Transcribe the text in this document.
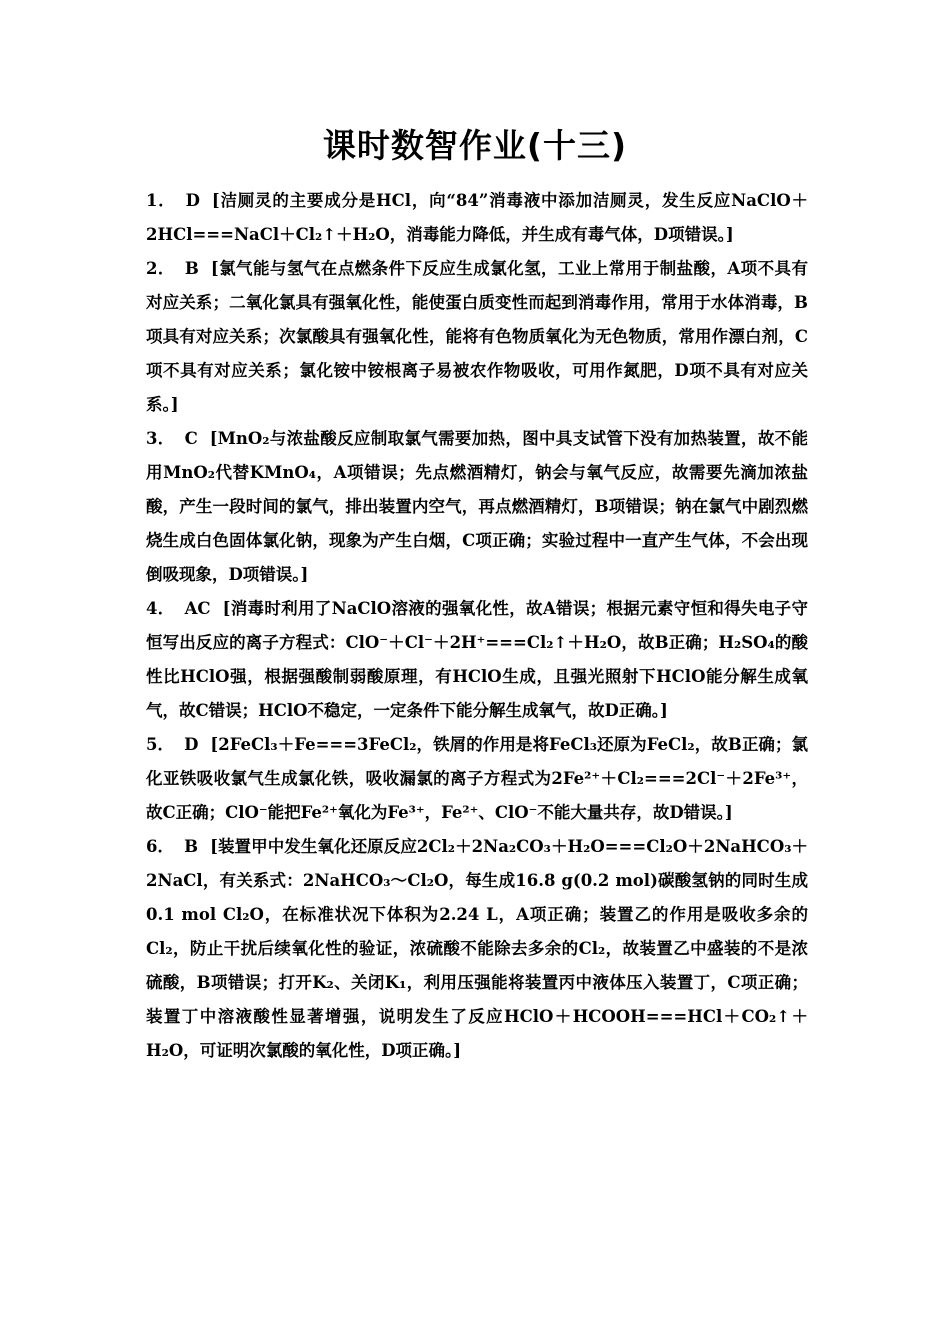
课时数智作业(十三)

1． D [洁厕灵的主要成分是HCl，向“84”消毒液中添加洁厕灵，发生反应NaClO＋2HCl===NaCl＋Cl₂↑＋H₂O，消毒能力降低，并生成有毒气体，D项错误。]

2． B [氯气能与氢气在点燃条件下反应生成氯化氢，工业上常用于制盐酸，A项不具有对应关系；二氧化氯具有强氧化性，能使蛋白质变性而起到消毒作用，常用于水体消毒，B项具有对应关系；次氯酸具有强氧化性，能将有色物质氧化为无色物质，常用作漂白剂，C项不具有对应关系；氯化铵中铵根离子易被农作物吸收，可用作氮肥，D项不具有对应关系。]

3． C [MnO₂与浓盐酸反应制取氯气需要加热，图中具支试管下没有加热装置，故不能用MnO₂代替KMnO₄，A项错误；先点燃酒精灯，钠会与氧气反应，故需要先滴加浓盐酸，产生一段时间的氯气，排出装置内空气，再点燃酒精灯，B项错误；钠在氯气中剧烈燃烧生成白色固体氯化钠，现象为产生白烟，C项正确；实验过程中一直产生气体，不会出现倒吸现象，D项错误。]

4． AC [消毒时利用了NaClO溶液的强氧化性，故A错误；根据元素守恒和得失电子守恒写出反应的离子方程式：ClO⁻＋Cl⁻＋2H⁺===Cl₂↑＋H₂O，故B正确；H₂SO₄的酸性比HClO强，根据强酸制弱酸原理，有HClO生成，且强光照射下HClO能分解生成氧气，故C错误；HClO不稳定，一定条件下能分解生成氧气，故D正确。]

5． D [2FeCl₃＋Fe===3FeCl₂，铁屑的作用是将FeCl₃还原为FeCl₂，故B正确；氯化亚铁吸收氯气生成氯化铁，吸收漏氯的离子方程式为2Fe²⁺＋Cl₂===2Cl⁻＋2Fe³⁺，故C正确；ClO⁻能把Fe²⁺氧化为Fe³⁺，Fe²⁺、ClO⁻不能大量共存，故D错误。]

6． B [装置甲中发生氧化还原反应2Cl₂＋2Na₂CO₃＋H₂O===Cl₂O＋2NaHCO₃＋2NaCl，有关系式：2NaHCO₃～Cl₂O，每生成16.8 g(0.2 mol)碳酸氢钠的同时生成0.1 mol Cl₂O，在标准状况下体积为2.24 L，A项正确；装置乙的作用是吸收多余的Cl₂，防止干扰后续氧化性的验证，浓硫酸不能除去多余的Cl₂，故装置乙中盛装的不是浓硫酸，B项错误；打开K₂、关闭K₁，利用压强能将装置丙中液体压入装置丁，C项正确；装置丁中溶液酸性显著增强，说明发生了反应HClO＋HCOOH===HCl＋CO₂↑＋H₂O，可证明次氯酸的氧化性，D项正确。]
